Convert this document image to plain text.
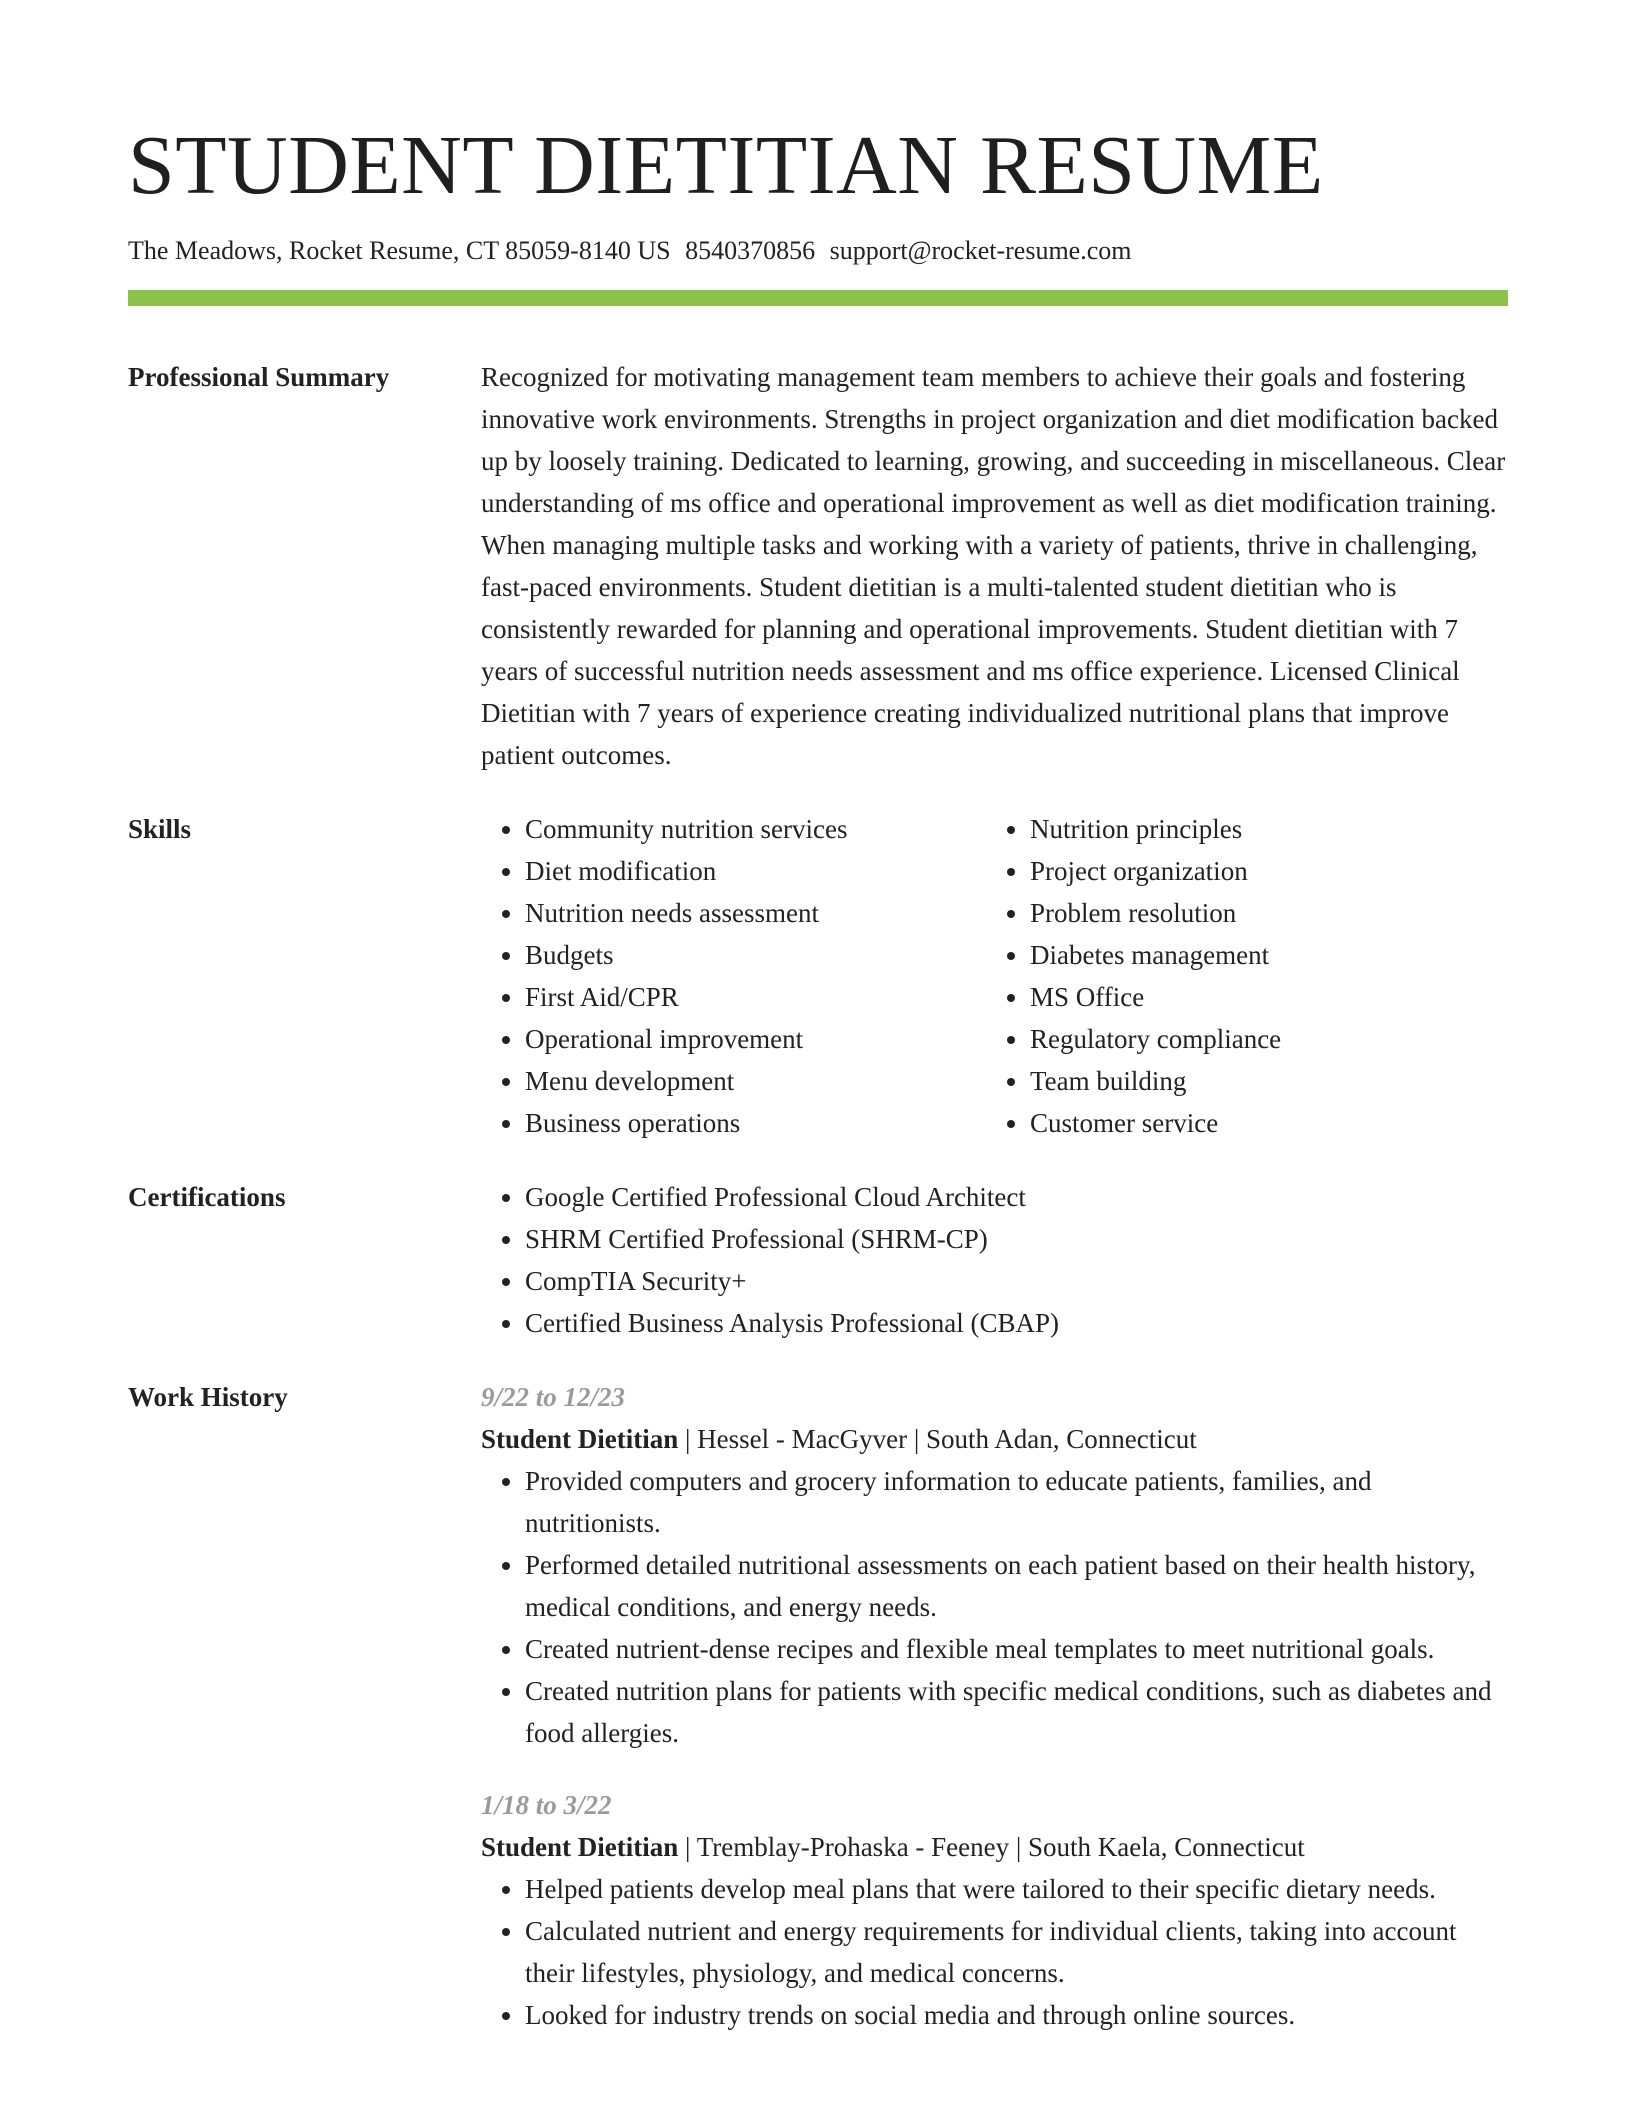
STUDENT DIETITIAN RESUME
The Meadows, Rocket Resume, CT 85059-8140 US 8540370856 support@rocket-resume.com
Professional Summary	Recognized for motivating management team members to achieve their goals and fostering innovative work environments. Strengths in project organization and diet modification backed up by loosely training. Dedicated to learning, growing, and succeeding in miscellaneous. Clear understanding of ms office and operational improvement as well as diet modification training. When managing multiple tasks and working with a variety of patients, thrive in challenging, fast-paced environments. Student dietitian is a multi-talented student dietitian who is consistently rewarded for planning and operational improvements. Student dietitian with 7 years of successful nutrition needs assessment and ms office experience. Licensed Clinical Dietitian with 7 years of experience creating individualized nutritional plans that improve patient outcomes.

Skills	• Community nutrition services
• Diet modification
• Nutrition needs assessment
• Budgets
• First Aid/CPR
• Operational improvement
• Menu development
• Business operations
• Nutrition principles
• Project organization
• Problem resolution
• Diabetes management
• MS Office
• Regulatory compliance
• Team building
• Customer service
Certifications	• Google Certified Professional Cloud Architect
• SHRM Certified Professional (SHRM-CP)
• CompTIA Security+
• Certified Business Analysis Professional (CBAP)
Work History	9/22 to 12/23
Student Dietitian | Hessel - MacGyver | South Adan, Connecticut
• Provided computers and grocery information to educate patients, families, and nutritionists.
• Performed detailed nutritional assessments on each patient based on their health history, medical conditions, and energy needs.
• Created nutrient-dense recipes and flexible meal templates to meet nutritional goals.
• Created nutrition plans for patients with specific medical conditions, such as diabetes and food allergies.
1/18 to 3/22
Student Dietitian | Tremblay-Prohaska - Feeney | South Kaela, Connecticut
• Helped patients develop meal plans that were tailored to their specific dietary needs.
• Calculated nutrient and energy requirements for individual clients, taking into account their lifestyles, physiology, and medical concerns.
• Looked for industry trends on social media and through online sources.
